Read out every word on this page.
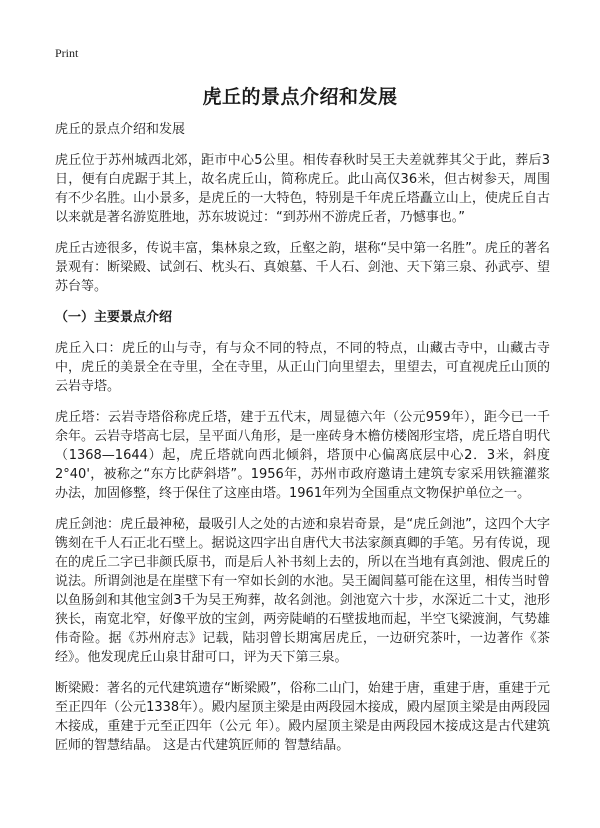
Print
虎丘的景点介绍和发展

虎丘的景点介绍和发展

虎丘位于苏州城西北郊，距市中心5公里。相传春秋时吴王夫差就葬其父于此，葬后3日，便有白虎踞于其上，故名虎丘山，简称虎丘。此山高仅36米，但古树参天，周围有不少名胜。山小景多，是虎丘的一大特色，特别是千年虎丘塔矗立山上，使虎丘自古以来就是著名游览胜地，苏东坡说过：“到苏州不游虎丘者，乃憾事也。”

虎丘古迹很多，传说丰富，集林泉之致，丘壑之韵，堪称“吴中第一名胜”。虎丘的著名景观有：断梁殿、试剑石、枕头石、真娘墓、千人石、剑池、天下第三泉、孙武亭、望苏台等。

（一）主要景点介绍

虎丘入口：虎丘的山与寺，有与众不同的特点，不同的特点，山藏古寺中，山藏古寺中，虎丘的美景全在寺里，全在寺里，从正山门向里望去，里望去，可直视虎丘山顶的云岩寺塔。

虎丘塔：云岩寺塔俗称虎丘塔，建于五代末，周显德六年（公元959年），距今已一千余年。云岩寺塔高七层，呈平面八角形，是一座砖身木檐仿楼阁形宝塔，虎丘塔自明代（1368—1644）起，虎丘塔就向西北倾斜，塔顶中心偏离底层中心2．3米，斜度2°40'，被称之“东方比萨斜塔”。1956年，苏州市政府邀请土建筑专家采用铁箍灌浆办法，加固修整，终于保住了这座由塔。1961年列为全国重点文物保护单位之一。

虎丘剑池：虎丘最神秘，最吸引人之处的古迹和泉岩奇景，是“虎丘剑池”，这四个大字镌刻在千人石正北石壁上。据说这四字出自唐代大书法家颜真卿的手笔。另有传说，现在的虎丘二字已非颜氏原书，而是后人补书刻上去的，所以在当地有真剑池、假虎丘的说法。所谓剑池是在崖壁下有一窄如长剑的水池。吴王阖闾墓可能在这里，相传当时曾以鱼肠剑和其他宝剑3千为吴王殉葬，故名剑池。剑池宽六十步，水深近二十丈，池形狭长，南宽北窄，好像平放的宝剑，两旁陡峭的石壁拔地而起，半空飞梁渡涧，气势雄伟奇险。据《苏州府志》记载，陆羽曾长期寓居虎丘，一边研究茶叶，一边著作《茶经》。他发现虎丘山泉甘甜可口，评为天下第三泉。

断梁殿：著名的元代建筑遗存“断梁殿”，俗称二山门，始建于唐，重建于唐，重建于元至正四年（公元1338年）。殿内屋顶主梁是由两段园木接成，殿内屋顶主梁是由两段园木接成，重建于元至正四年（公元 年）。殿内屋顶主梁是由两段园木接成这是古代建筑匠师的智慧结晶。 这是古代建筑匠师的 智慧结晶。
